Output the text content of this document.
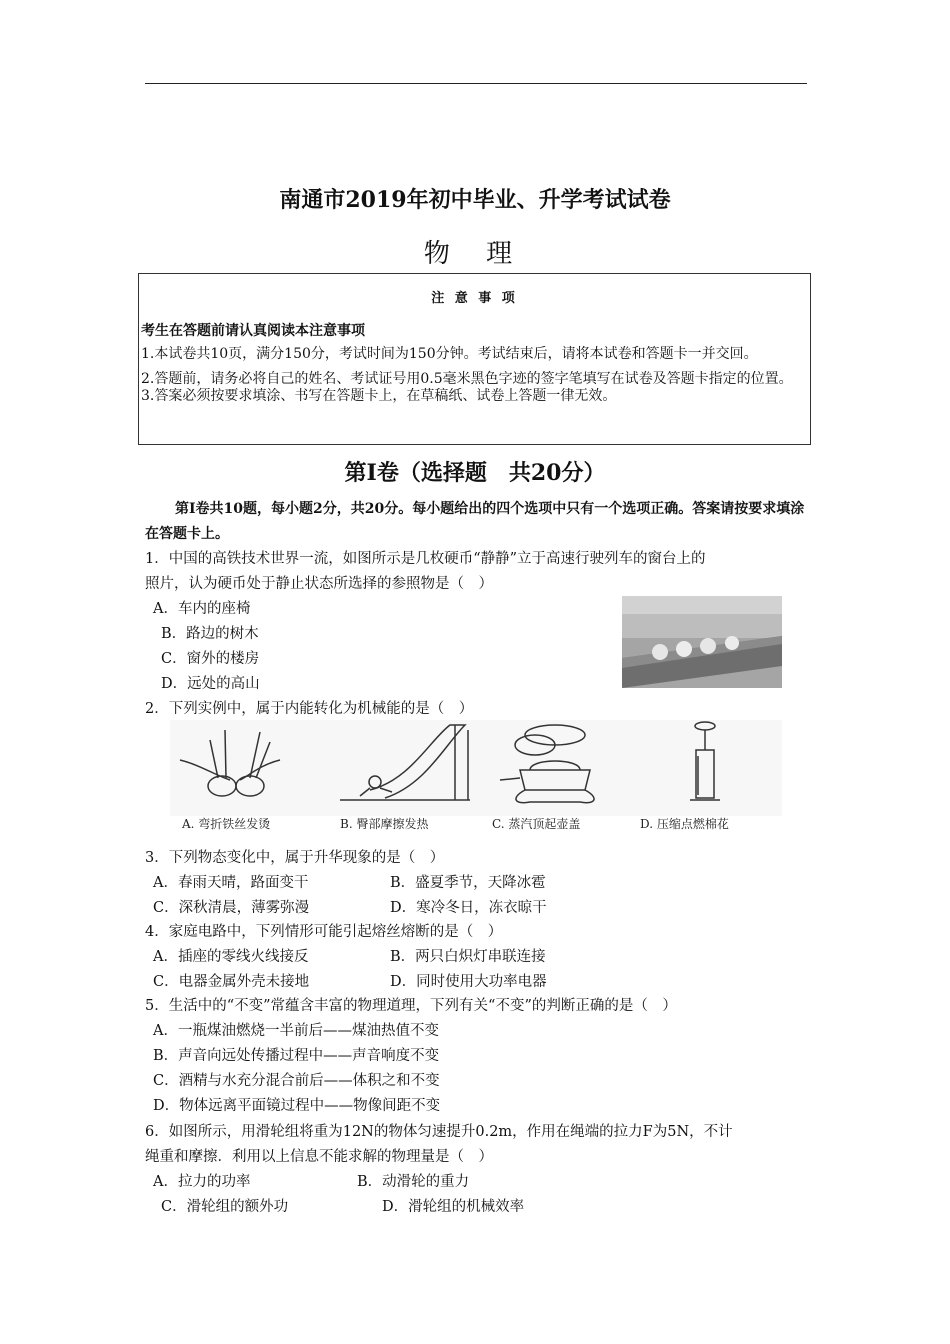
南通市2019年初中毕业、升学考试试卷
物 理
注 意 事 项
考生在答题前请认真阅读本注意事项

1.本试卷共10页，满分150分，考试时间为150分钟。考试结束后，请将本试卷和答题卡一并交回。

2.答题前，请务必将自己的姓名、考试证号用0.5毫米黑色字迹的签字笔填写在试卷及答题卡指定的位置。

3.答案必须按要求填涂、书写在答题卡上，在草稿纸、试卷上答题一律无效。

第Ⅰ卷（选择题　共20分）
第Ⅰ卷共10题，每小题2分，共20分。每小题给出的四个选项中只有一个选项正确。答案请按要求填涂在答题卡上。
1．中国的高铁技术世界一流，如图所示是几枚硬币“静静”立于高速行驶列车的窗台上的
照片，认为硬币处于静止状态所选择的参照物是（　）
A．车内的座椅
B．路边的树木
C．窗外的楼房
D．远处的高山
2．下列实例中，属于内能转化为机械能的是（　）
A. 弯折铁丝发烫	B. 臀部摩擦发热	C. 蒸汽顶起壶盖	D. 压缩点燃棉花
3．下列物态变化中，属于升华现象的是（　）
A．春雨天晴，路面变干	B．盛夏季节，天降冰雹
C．深秋清晨，薄雾弥漫	D．寒冷冬日，冻衣晾干
4．家庭电路中，下列情形可能引起熔丝熔断的是（　）
A．插座的零线火线接反	B．两只白炽灯串联连接
C．电器金属外壳未接地	D．同时使用大功率电器
5．生活中的“不变”常蕴含丰富的物理道理，下列有关“不变”的判断正确的是（　）
A．一瓶煤油燃烧一半前后——煤油热值不变
B．声音向远处传播过程中——声音响度不变
C．酒精与水充分混合前后——体积之和不变
D．物体远离平面镜过程中——物像间距不变
6．如图所示，用滑轮组将重为12N的物体匀速提升0.2m，作用在绳端的拉力F为5N，不计
绳重和摩擦．利用以上信息不能求解的物理量是（　）
A．拉力的功率	B．动滑轮的重力
C．滑轮组的额外功	D．滑轮组的机械效率
